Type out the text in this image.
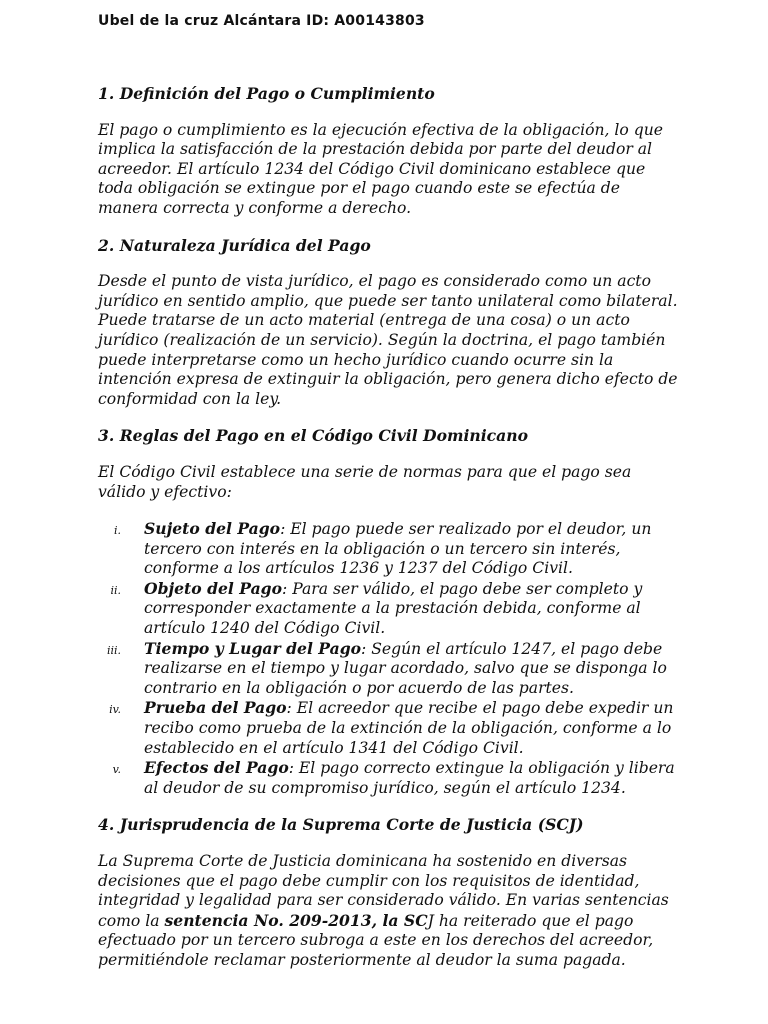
Ubel de la cruz Alcántara ID: A00143803
1. Definición del Pago o Cumplimiento

El pago o cumplimiento es la ejecución efectiva de la obligación, lo que implica la satisfacción de la prestación debida por parte del deudor al acreedor. El artículo 1234 del Código Civil dominicano establece que toda obligación se extingue por el pago cuando este se efectúa de manera correcta y conforme a derecho.

2. Naturaleza Jurídica del Pago

Desde el punto de vista jurídico, el pago es considerado como un acto jurídico en sentido amplio, que puede ser tanto unilateral como bilateral. Puede tratarse de un acto material (entrega de una cosa) o un acto jurídico (realización de un servicio). Según la doctrina, el pago también puede interpretarse como un hecho jurídico cuando ocurre sin la intención expresa de extinguir la obligación, pero genera dicho efecto de conformidad con la ley.

3. Reglas del Pago en el Código Civil Dominicano

El Código Civil establece una serie de normas para que el pago sea válido y efectivo:

i. Sujeto del Pago: El pago puede ser realizado por el deudor, un tercero con interés en la obligación o un tercero sin interés, conforme a los artículos 1236 y 1237 del Código Civil.
ii. Objeto del Pago: Para ser válido, el pago debe ser completo y corresponder exactamente a la prestación debida, conforme al artículo 1240 del Código Civil.
iii. Tiempo y Lugar del Pago: Según el artículo 1247, el pago debe realizarse en el tiempo y lugar acordado, salvo que se disponga lo contrario en la obligación o por acuerdo de las partes.
iv. Prueba del Pago: El acreedor que recibe el pago debe expedir un recibo como prueba de la extinción de la obligación, conforme a lo establecido en el artículo 1341 del Código Civil.
v. Efectos del Pago: El pago correcto extingue la obligación y libera al deudor de su compromiso jurídico, según el artículo 1234.
4. Jurisprudencia de la Suprema Corte de Justicia (SCJ)

La Suprema Corte de Justicia dominicana ha sostenido en diversas decisiones que el pago debe cumplir con los requisitos de identidad, integridad y legalidad para ser considerado válido. En varias sentencias como la sentencia No. 209-2013, la SCJ ha reiterado que el pago efectuado por un tercero subroga a este en los derechos del acreedor, permitiéndole reclamar posteriormente al deudor la suma pagada.
